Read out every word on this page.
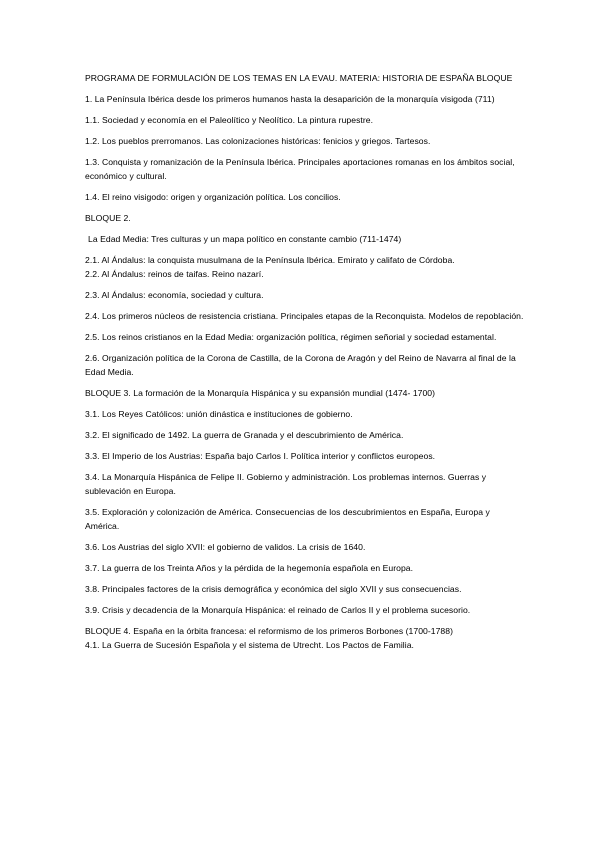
PROGRAMA DE FORMULACIÓN DE LOS TEMAS EN LA EVAU. MATERIA: HISTORIA DE ESPAÑA BLOQUE

1. La Península Ibérica desde los primeros humanos hasta la desaparición de la monarquía visigoda (711)

1.1. Sociedad y economía en el Paleolítico y Neolítico. La pintura rupestre.

1.2. Los pueblos prerromanos. Las colonizaciones históricas: fenicios y griegos. Tartesos.

1.3. Conquista y romanización de la Península Ibérica. Principales aportaciones romanas en los ámbitos social, económico y cultural.

1.4. El reino visigodo: origen y organización política. Los concilios.

BLOQUE 2.

La Edad Media: Tres culturas y un mapa político en constante cambio (711-1474)

2.1. Al Ándalus: la conquista musulmana de la Península Ibérica. Emirato y califato de Córdoba.

2.2. Al Ándalus: reinos de taifas. Reino nazarí.

2.3. Al Ándalus: economía, sociedad y cultura.

2.4. Los primeros núcleos de resistencia cristiana. Principales etapas de la Reconquista. Modelos de repoblación.

2.5. Los reinos cristianos en la Edad Media: organización política, régimen señorial y sociedad estamental.

2.6. Organización política de la Corona de Castilla, de la Corona de Aragón y del Reino de Navarra al final de la Edad Media.

BLOQUE 3. La formación de la Monarquía Hispánica y su expansión mundial (1474- 1700)

3.1. Los Reyes Católicos: unión dinástica e instituciones de gobierno.

3.2. El significado de 1492. La guerra de Granada y el descubrimiento de América.

3.3. El Imperio de los Austrias: España bajo Carlos I. Política interior y conflictos europeos.

3.4. La Monarquía Hispánica de Felipe II. Gobierno y administración. Los problemas internos. Guerras y sublevación en Europa.

3.5. Exploración y colonización de América. Consecuencias de los descubrimientos en España, Europa y América.

3.6. Los Austrias del siglo XVII: el gobierno de validos. La crisis de 1640.

3.7. La guerra de los Treinta Años y la pérdida de la hegemonía española en Europa.

3.8. Principales factores de la crisis demográfica y económica del siglo XVII y sus consecuencias.

3.9. Crisis y decadencia de la Monarquía Hispánica: el reinado de Carlos II y el problema sucesorio.

BLOQUE 4. España en la órbita francesa: el reformismo de los primeros Borbones (1700-1788)

4.1. La Guerra de Sucesión Española y el sistema de Utrecht. Los Pactos de Familia.
